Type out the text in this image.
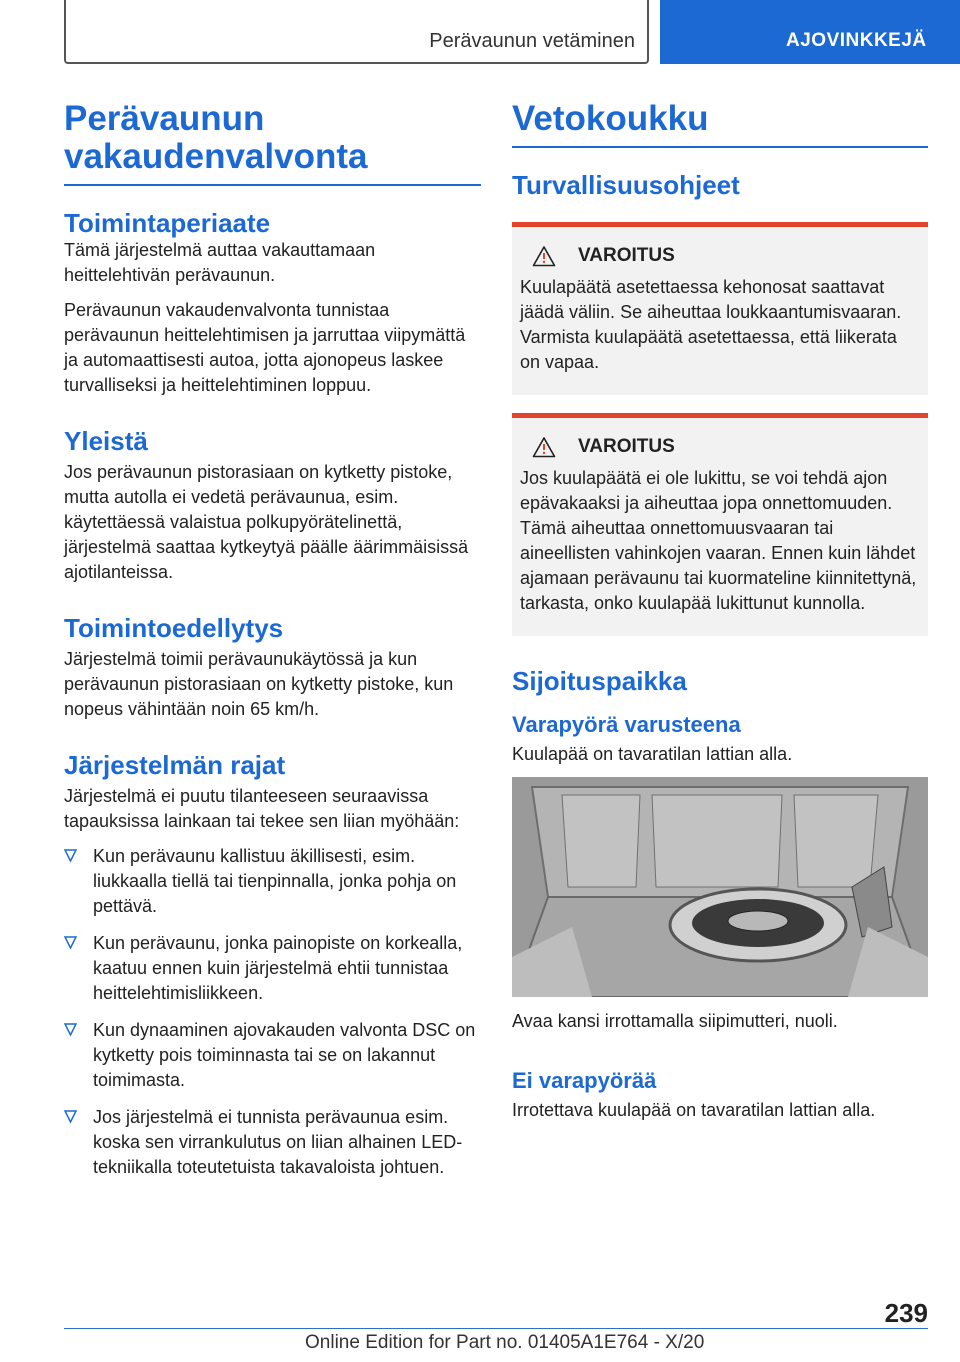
Perävaunun vetäminen	AJOVINKKEJÄ
Perävaunun vakaudenvalvonta
Toimintaperiaate

Tämä järjestelmä auttaa vakauttamaan heittelehtivän perävaunun.

Perävaunun vakaudenvalvonta tunnistaa perävaunun heittelehtimisen ja jarruttaa viipymättä ja automaattisesti autoa, jotta ajonopeus laskee turvalliseksi ja heittelehtiminen loppuu.

Yleistä

Jos perävaunun pistorasiaan on kytketty pistoke, mutta autolla ei vedetä perävaunua, esim. käytettäessä valaistua polkupyörätelinettä, järjestelmä saattaa kytkeytyä päälle äärimmäisissä ajotilanteissa.

Toimintoedellytys

Järjestelmä toimii perävaunukäytössä ja kun perävaunun pistorasiaan on kytketty pistoke, kun nopeus vähintään noin 65 km/h.

Järjestelmän rajat

Järjestelmä ei puutu tilanteeseen seuraavissa tapauksissa lainkaan tai tekee sen liian myöhään:

Kun perävaunu kallistuu äkillisesti, esim. liukkaalla tiellä tai tienpinnalla, jonka pohja on pettävä.
Kun perävaunu, jonka painopiste on korkealla, kaatuu ennen kuin järjestelmä ehtii tunnistaa heittelehtimisliikkeen.
Kun dynaaminen ajovakauden valvonta DSC on kytketty pois toiminnasta tai se on lakannut toimimasta.
Jos järjestelmä ei tunnista perävaunua esim. koska sen virrankulutus on liian alhainen LED-tekniikalla toteutetuista takavaloista johtuen.
Vetokoukku
Turvallisuusohjeet
VAROITUS

Kuulapäätä asetettaessa kehonosat saattavat jäädä väliin. Se aiheuttaa loukkaantumisvaaran. Varmista kuulapäätä asetettaessa, että liikerata on vapaa.

VAROITUS

Jos kuulapäätä ei ole lukittu, se voi tehdä ajon epävakaaksi ja aiheuttaa jopa onnettomuuden. Tämä aiheuttaa onnettomuusvaaran tai aineellisten vahinkojen vaaran. Ennen kuin lähdet ajamaan perävaunu tai kuormateline kiinnitettynä, tarkasta, onko kuulapää lukittunut kunnolla.

Sijoituspaikka
Varapyörä varusteena

Kuulapää on tavaratilan lattian alla.

Avaa kansi irrottamalla siipimutteri, nuoli.

Ei varapyörää

Irrotettava kuulapää on tavaratilan lattian alla.

239
Online Edition for Part no. 01405A1E764 - X/20
